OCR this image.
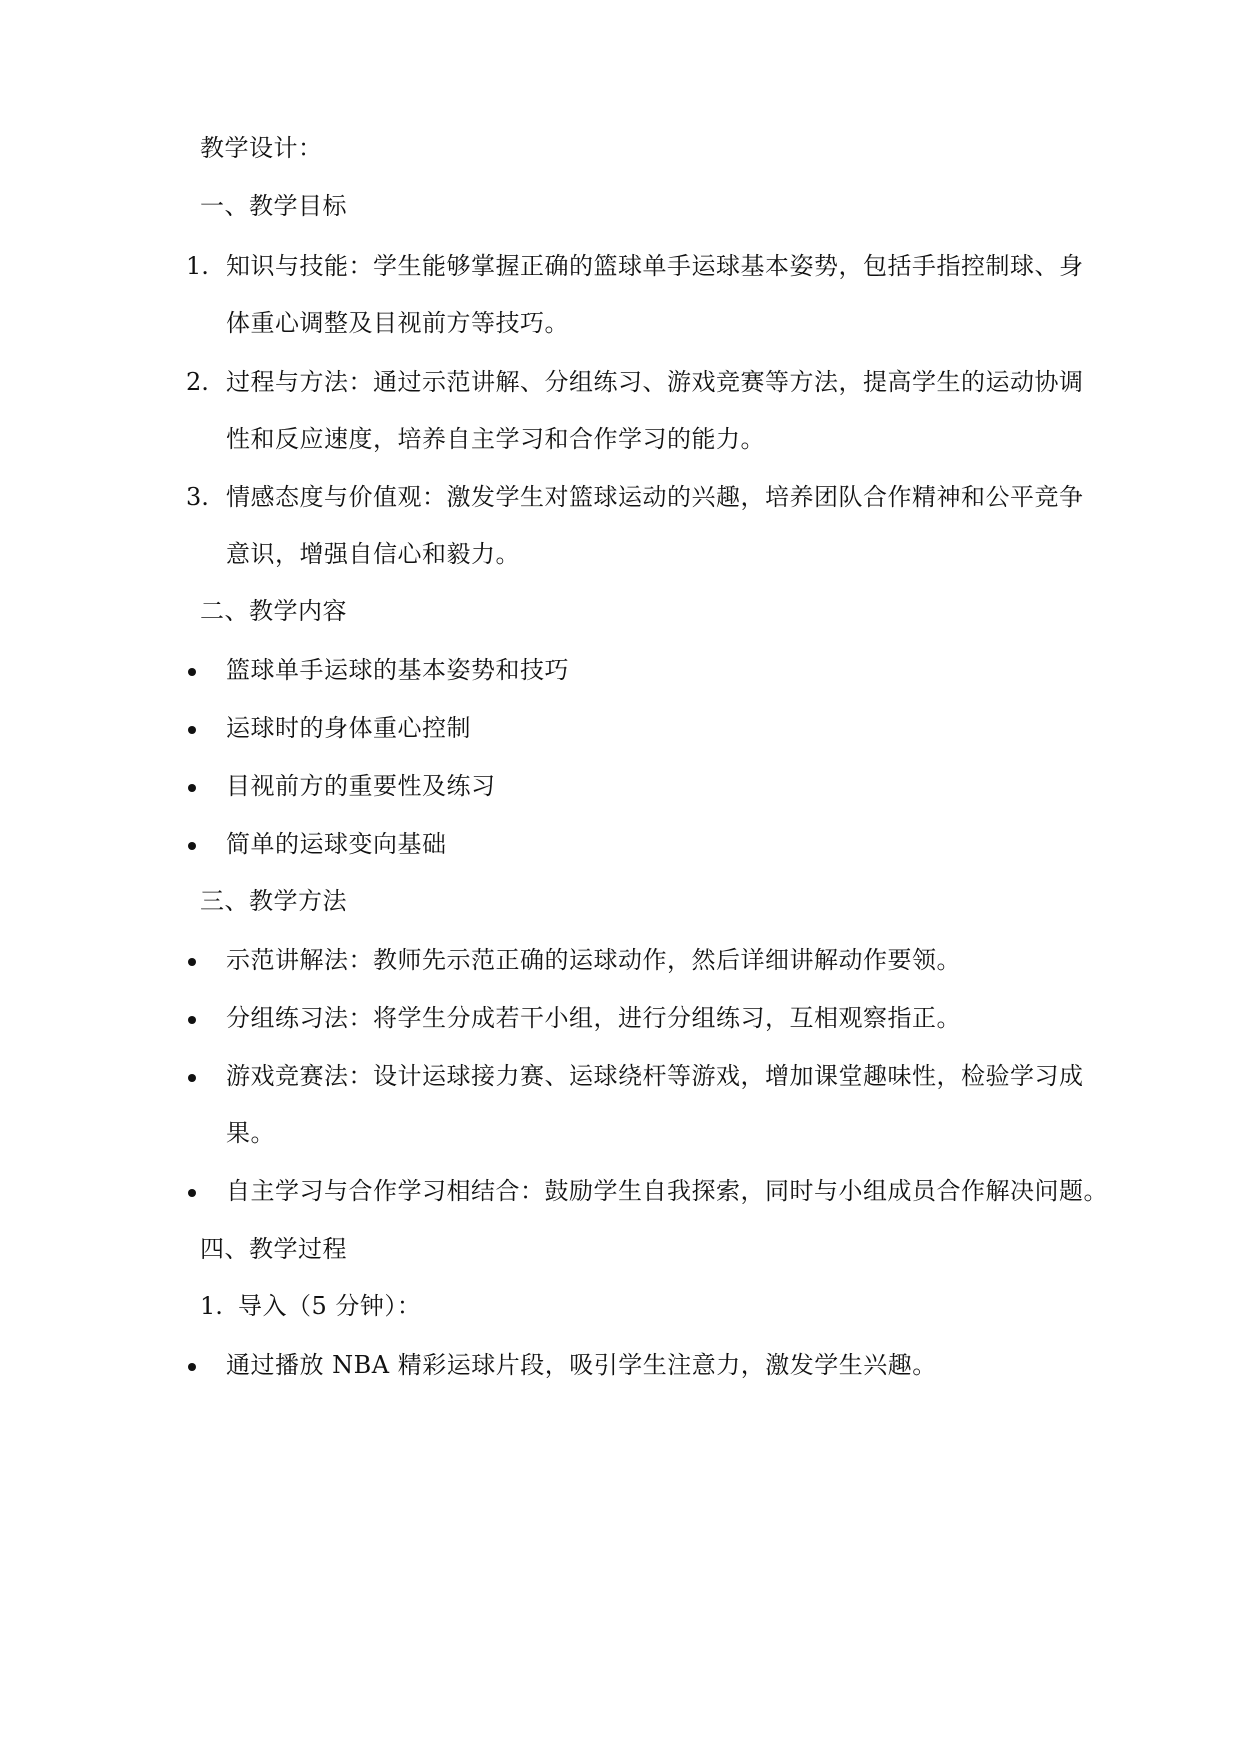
教学设计：
一、教学目标
1. 知识与技能：学生能够掌握正确的篮球单手运球基本姿势，包括手指控制球、身
体重心调整及目视前方等技巧。
2. 过程与方法：通过示范讲解、分组练习、游戏竞赛等方法，提高学生的运动协调
性和反应速度，培养自主学习和合作学习的能力。
3. 情感态度与价值观：激发学生对篮球运动的兴趣，培养团队合作精神和公平竞争
意识，增强自信心和毅力。
二、教学内容
篮球单手运球的基本姿势和技巧
运球时的身体重心控制
目视前方的重要性及练习
简单的运球变向基础
三、教学方法
示范讲解法：教师先示范正确的运球动作，然后详细讲解动作要领。
分组练习法：将学生分成若干小组，进行分组练习，互相观察指正。
游戏竞赛法：设计运球接力赛、运球绕杆等游戏，增加课堂趣味性，检验学习成
果。
自主学习与合作学习相结合：鼓励学生自我探索，同时与小组成员合作解决问题。
四、教学过程
1. 导入（5 分钟）：
通过播放 NBA 精彩运球片段，吸引学生注意力，激发学生兴趣。
